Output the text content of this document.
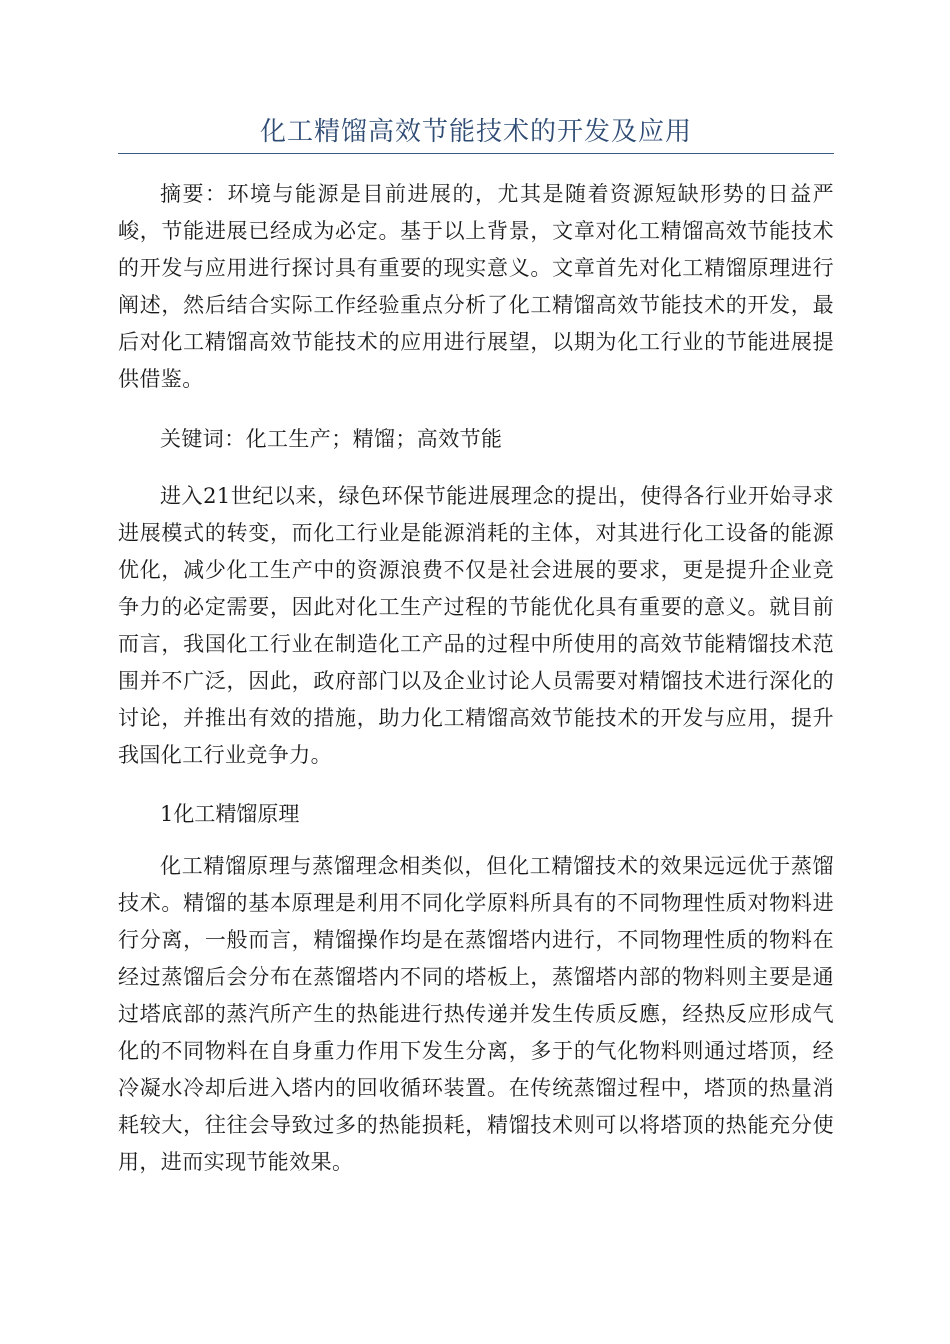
化工精馏高效节能技术的开发及应用

摘要：环境与能源是目前进展的，尤其是随着资源短缺形势的日益严峻，节能进展已经成为必定。基于以上背景，文章对化工精馏高效节能技术的开发与应用进行探讨具有重要的现实意义。文章首先对化工精馏原理进行阐述，然后结合实际工作经验重点分析了化工精馏高效节能技术的开发，最后对化工精馏高效节能技术的应用进行展望，以期为化工行业的节能进展提供借鉴。

关键词：化工生产；精馏；高效节能

进入21世纪以来，绿色环保节能进展理念的提出，使得各行业开始寻求进展模式的转变，而化工行业是能源消耗的主体，对其进行化工设备的能源优化，减少化工生产中的资源浪费不仅是社会进展的要求，更是提升企业竞争力的必定需要，因此对化工生产过程的节能优化具有重要的意义。就目前而言，我国化工行业在制造化工产品的过程中所使用的高效节能精馏技术范围并不广泛，因此，政府部门以及企业讨论人员需要对精馏技术进行深化的讨论，并推出有效的措施，助力化工精馏高效节能技术的开发与应用，提升我国化工行业竞争力。

1化工精馏原理

化工精馏原理与蒸馏理念相类似，但化工精馏技术的效果远远优于蒸馏技术。精馏的基本原理是利用不同化学原料所具有的不同物理性质对物料进行分离，一般而言，精馏操作均是在蒸馏塔内进行，不同物理性质的物料在经过蒸馏后会分布在蒸馏塔内不同的塔板上，蒸馏塔内部的物料则主要是通过塔底部的蒸汽所产生的热能进行热传递并发生传质反應，经热反应形成气化的不同物料在自身重力作用下发生分离，多于的气化物料则通过塔顶，经冷凝水冷却后进入塔内的回收循环装置。在传统蒸馏过程中，塔顶的热量消耗较大，往往会导致过多的热能损耗，精馏技术则可以将塔顶的热能充分使用，进而实现节能效果。
